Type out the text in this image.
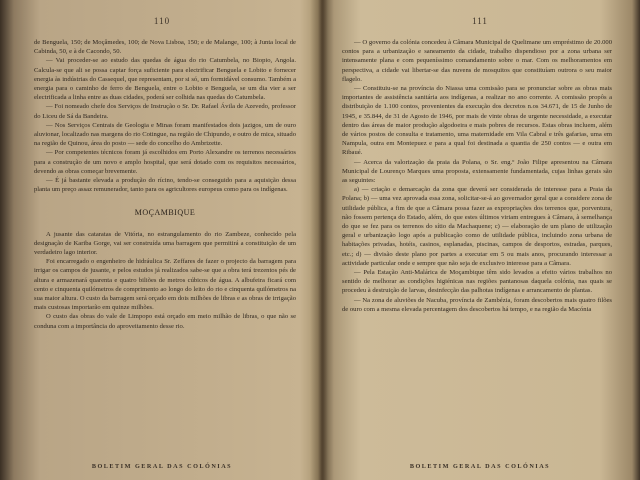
110

de Benguela, 150; de Moçâmedes, 100; de Nova Lisboa, 150; e de Malange, 100; à Junta local de Cabinda, 50, e à de Cacondo, 50.

— Vai proceder-se ao estudo das quedas de água do rio Catumbela, no Biopio, Angola. Calcula-se que ali se possa captar força suficiente para electrificar Benguela e Lobito e fornecer energia às indústrias do Cassequel, que representam, por si só, um formidável consumo. Também a energia para o caminho de ferro de Benguela, entre o Lobito e Benguela, se um dia vier a ser electrificada a linha entre as duas cidades, poderá ser colhida nas quedas do Catumbela.

— Foi nomeado chefe dos Serviços de Instrução o Sr. Dr. Rafael Ávila de Azevedo, professor do Liceu de Sá da Bandeira.

— Nos Serviços Centrais de Geologia e Minas foram manifestados dois jazigos, um de ouro aluvionar, localizado nas margens do rio Cotingue, na região de Chipundo, e outro de mica, situado na região de Quinou, área do posto — sede do concelho do Ambrizette.

— Por competentes técnicos foram já escolhidos em Porto Alexandre os terrenos necessários para a construção de um novo e amplo hospital, que será dotado com os requisitos necessários, devendo as obras começar brevemente.

— É já bastante elevada a produção do rícino, tendo-se conseguido para a aquisição dessa planta um preço assaz remunerador, tanto para os agricultores europeus como para os indígenas.

MOÇAMBIQUE

A jusante das cataratas de Vitória, no estrangulamento do rio Zambeze, conhecido pela designação de Kariba Gorge, vai ser construída uma barragem que permitirá a constituição de um verdadeiro lago interior.

Foi encarregado o engenheiro de hidráulica Sr. Zeffares de fazer o projecto da barragem para irrigar os campos de jusante, e pelos estudos já realizados sabe-se que a obra terá trezentos pés de altura e armazenará quarenta e quatro biliões de metros cúbicos de água. A albufeira ficará com cento e cinquenta quilómetros de comprimento ao longo do leito do rio e cinquenta quilómetros na sua maior altura. O custo da barragem será orçado em dois milhões de libras e as obras de irrigação mais custosas importarão em quinze milhões.

O custo das obras do vale de Limpopo está orçado em meio milhão de libras, o que não se conduna com a importância do aproveitamento desse rio.

BOLETIM GERAL DAS COLÓNIAS
111

— O governo da colónia concedeu à Câmara Municipal de Quelimane um empréstimo de 20.000 contos para a urbanização e saneamento da cidade, trabalho dispendioso por a zona urbana ser intensamente plana e com pequeníssimo comandamento sobre o mar. Com os melhoramentos em perspectiva, a cidade vai libertar-se das nuvens de mosquitos que constituíam outrora o seu maior flagelo.

— Constituiu-se na província do Niassa uma comissão para se pronunciar sobre as obras mais importantes de assistência sanitária aos indígenas, a realizar no ano corrente. A comissão propôs a distribuição de 1.100 contos, provenientes da execução dos decretos n.os 34.671, de 15 de Junho de 1945, e 35.844, de 31 de Agosto de 1946, por mais de vinte obras de urgente necessidade, a executar dentro das áreas de maior produção algodoeira e mais pobres de recursos. Estas obras incluem, além de vários postos de consulta e tratamento, uma maternidade em Vila Cabral e três gafarias, uma em Nampula, outra em Montepuez e para a qual foi destinada a quantia de 250 contos — e outra em Ribaué.

— Acerca da valorização da praia da Polana, o Sr. eng.º João Filipe apresentou na Câmara Municipal de Lourenço Marques uma proposta, extensamente fundamentada, cujas linhas gerais são as seguintes:

a) — criação e demarcação da zona que deverá ser considerada de interesse para a Praia da Polana; b) — uma vez aprovada essa zona, solicitar-se-á ao governador geral que a considere zona de utilidade pública, a fim de que a Câmara possa fazer as expropriações dos terrenos que, porventura, não fossem pertença do Estado, além, do que estes últimos viriam entregues à Câmara, à semelhança do que se fez para os terrenos do sítio da Machaquene; c) — elaboração de um plano de utilização geral e urbanização logo após a publicação como de utilidade pública, incluindo zona urbana de habitações privadas, hotéis, casinos, esplanadas, piscinas, campos de desportos, estradas, parques, etc.; d) — divisão deste plano por partes a executar em 5 ou mais anos, procurando interessar a actividade particular onde e sempre que não seja de exclusivo interesse para a Câmara.

— Pela Estação Anti-Malárica de Moçambique têm sido levados a efeito vários trabalhos no sentido de melhorar as condições higiénicas nas regiões pantanosas daquela colónia, nas quais se procedeu à destruição de larvas, desinfecção das palhotas indígenas e arrancamento de plantas.

— Na zona de aluviões de Nacuba, província de Zambézia, foram descobertos mais quatro filões de ouro com a mesma elevada percentagem dos descobertos há tempo, e na região da Macónia

BOLETIM GERAL DAS COLÓNIAS
